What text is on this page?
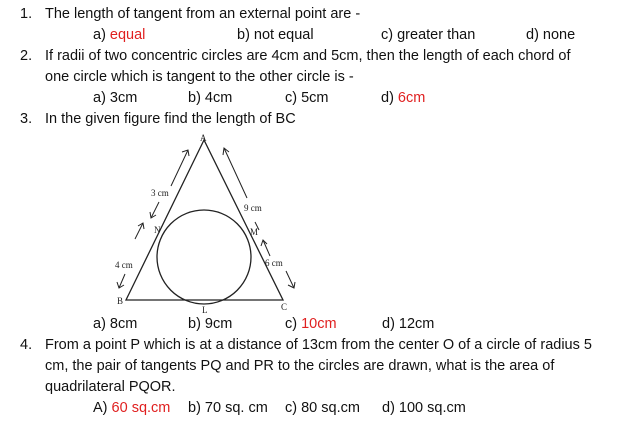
1. The length of tangent from an external point are -
a) equal	b) not equal	c) greater than	d) none
2. If radii of two concentric circles are 4cm and 5cm, then the length of each chord of
one circle which is tangent to the other circle is -
a) 3cm	b) 4cm	c) 5cm	d) 6cm
3. In the given figure find the length of BC
A
B
C
L
M
N
3 cm
9 cm
4 cm	6 cm
a) 8cm	b) 9cm	c) 10cm	d) 12cm
4. From a point P which is at a distance of 13cm from the center O of a circle of radius 5
cm, the pair of tangents PQ and PR to the circles are drawn, what is the area of
quadrilateral PQOR.
A) 60 sq.cm b) 70 sq. cm c) 80 sq.cm d) 100 sq.cm
